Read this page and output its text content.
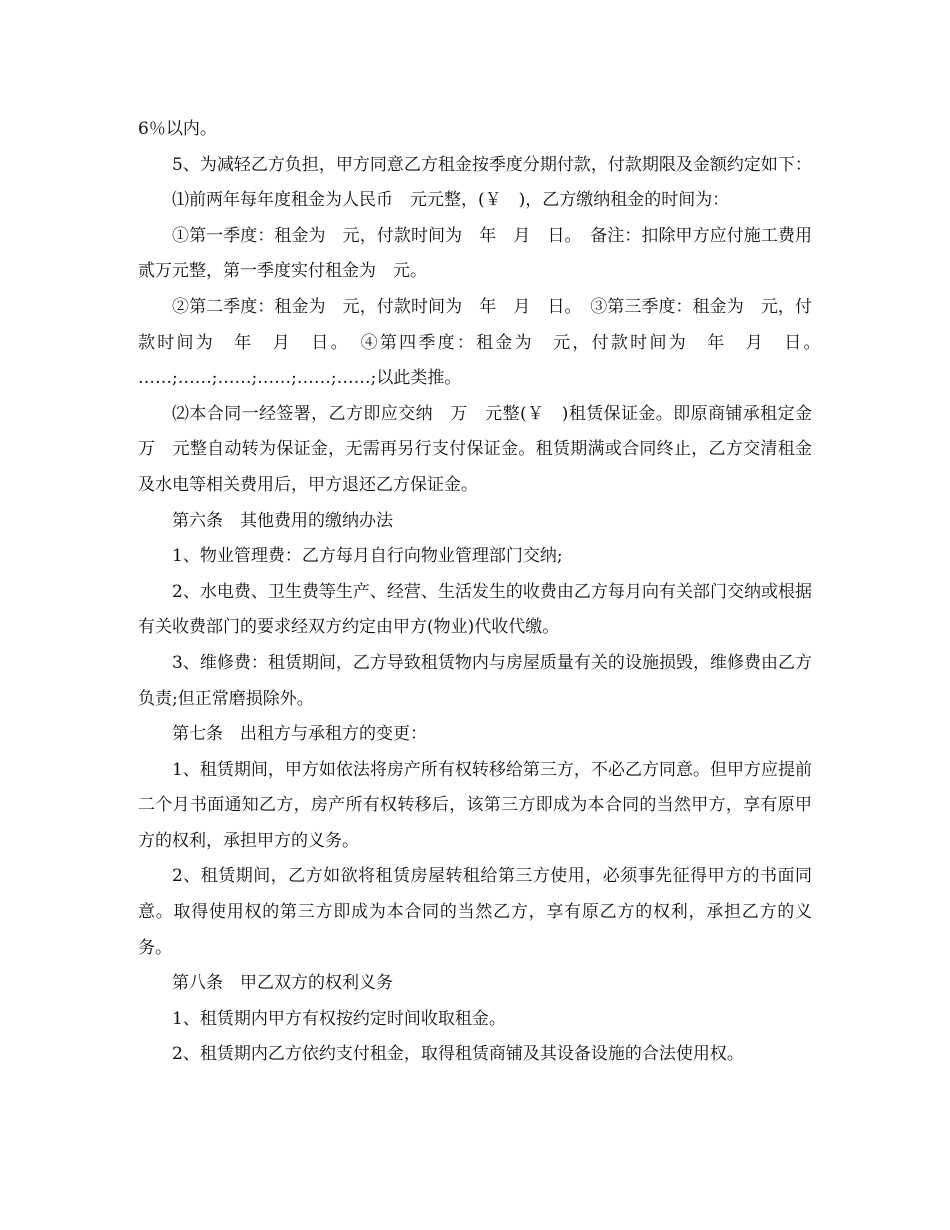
6％以内。

5、为减轻乙方负担，甲方同意乙方租金按季度分期付款，付款期限及金额约定如下：

⑴前两年每年度租金为人民币　元元整，(￥　)，乙方缴纳租金的时间为：

①第一季度：租金为　元，付款时间为　年　月　日。　备注：扣除甲方应付施工费用贰万元整，第一季度实付租金为　元。

②第二季度：租金为　元，付款时间为　年　月　日。　③第三季度：租金为　元，付款时间为　年　月　日。　④第四季度：租金为　元，付款时间为　年　月　日。　……;……;……;……;……;……;以此类推。

⑵本合同一经签署，乙方即应交纳　万　元整(￥　)租赁保证金。即原商铺承租定金　万　元整自动转为保证金，无需再另行支付保证金。租赁期满或合同终止，乙方交清租金及水电等相关费用后，甲方退还乙方保证金。

第六条　其他费用的缴纳办法

1、物业管理费：乙方每月自行向物业管理部门交纳;

2、水电费、卫生费等生产、经营、生活发生的收费由乙方每月向有关部门交纳或根据有关收费部门的要求经双方约定由甲方(物业)代收代缴。

3、维修费：租赁期间，乙方导致租赁物内与房屋质量有关的设施损毁，维修费由乙方负责;但正常磨损除外。

第七条　出租方与承租方的变更：

1、租赁期间，甲方如依法将房产所有权转移给第三方，不必乙方同意。但甲方应提前二个月书面通知乙方，房产所有权转移后，该第三方即成为本合同的当然甲方，享有原甲方的权利，承担甲方的义务。

2、租赁期间，乙方如欲将租赁房屋转租给第三方使用，必须事先征得甲方的书面同意。取得使用权的第三方即成为本合同的当然乙方，享有原乙方的权利，承担乙方的义务。

第八条　甲乙双方的权利义务

1、租赁期内甲方有权按约定时间收取租金。

2、租赁期内乙方依约支付租金，取得租赁商铺及其设备设施的合法使用权。
